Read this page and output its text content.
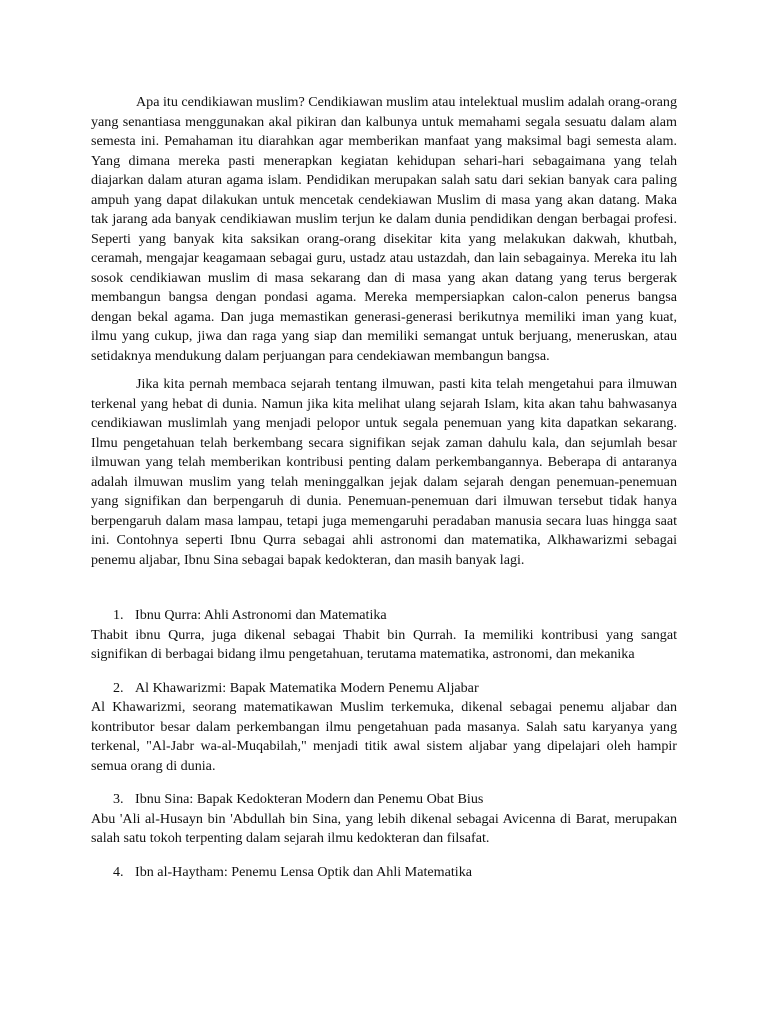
Apa itu cendikiawan muslim? Cendikiawan muslim atau intelektual muslim adalah orang-orang yang senantiasa menggunakan akal pikiran dan kalbunya untuk memahami segala sesuatu dalam alam semesta ini. Pemahaman itu diarahkan agar memberikan manfaat yang maksimal bagi semesta alam. Yang dimana mereka pasti menerapkan kegiatan kehidupan sehari-hari sebagaimana yang telah diajarkan dalam aturan agama islam. Pendidikan merupakan salah satu dari sekian banyak cara paling ampuh yang dapat dilakukan untuk mencetak cendekiawan Muslim di masa yang akan datang. Maka tak jarang ada banyak cendikiawan muslim terjun ke dalam dunia pendidikan dengan berbagai profesi. Seperti yang banyak kita saksikan orang-orang disekitar kita yang melakukan dakwah, khutbah, ceramah, mengajar keagamaan sebagai guru, ustadz atau ustazdah, dan lain sebagainya. Mereka itu lah sosok cendikiawan muslim di masa sekarang dan di masa yang akan datang yang terus bergerak membangun bangsa dengan pondasi agama. Mereka mempersiapkan calon-calon penerus bangsa dengan bekal agama. Dan juga memastikan generasi-generasi berikutnya memiliki iman yang kuat, ilmu yang cukup, jiwa dan raga yang siap dan memiliki semangat untuk berjuang, meneruskan, atau setidaknya mendukung dalam perjuangan para cendekiawan membangun bangsa.

Jika kita pernah membaca sejarah tentang ilmuwan, pasti kita telah mengetahui para ilmuwan terkenal yang hebat di dunia. Namun jika kita melihat ulang sejarah Islam, kita akan tahu bahwasanya cendikiawan muslimlah yang menjadi pelopor untuk segala penemuan yang kita dapatkan sekarang. Ilmu pengetahuan telah berkembang secara signifikan sejak zaman dahulu kala, dan sejumlah besar ilmuwan yang telah memberikan kontribusi penting dalam perkembangannya. Beberapa di antaranya adalah ilmuwan muslim yang telah meninggalkan jejak dalam sejarah dengan penemuan-penemuan yang signifikan dan berpengaruh di dunia. Penemuan-penemuan dari ilmuwan tersebut tidak hanya berpengaruh dalam masa lampau, tetapi juga memengaruhi peradaban manusia secara luas hingga saat ini. Contohnya seperti Ibnu Qurra sebagai ahli astronomi dan matematika, Alkhawarizmi sebagai penemu aljabar, Ibnu Sina sebagai bapak kedokteran, dan masih banyak lagi.

1. Ibnu Qurra: Ahli Astronomi dan Matematika

Thabit ibnu Qurra, juga dikenal sebagai Thabit bin Qurrah. Ia memiliki kontribusi yang sangat signifikan di berbagai bidang ilmu pengetahuan, terutama matematika, astronomi, dan mekanika

2. Al Khawarizmi: Bapak Matematika Modern Penemu Aljabar

Al Khawarizmi, seorang matematikawan Muslim terkemuka, dikenal sebagai penemu aljabar dan kontributor besar dalam perkembangan ilmu pengetahuan pada masanya. Salah satu karyanya yang terkenal, "Al-Jabr wa-al-Muqabilah," menjadi titik awal sistem aljabar yang dipelajari oleh hampir semua orang di dunia.

3. Ibnu Sina: Bapak Kedokteran Modern dan Penemu Obat Bius

Abu 'Ali al-Husayn bin 'Abdullah bin Sina, yang lebih dikenal sebagai Avicenna di Barat, merupakan salah satu tokoh terpenting dalam sejarah ilmu kedokteran dan filsafat.

4. Ibn al-Haytham: Penemu Lensa Optik dan Ahli Matematika
